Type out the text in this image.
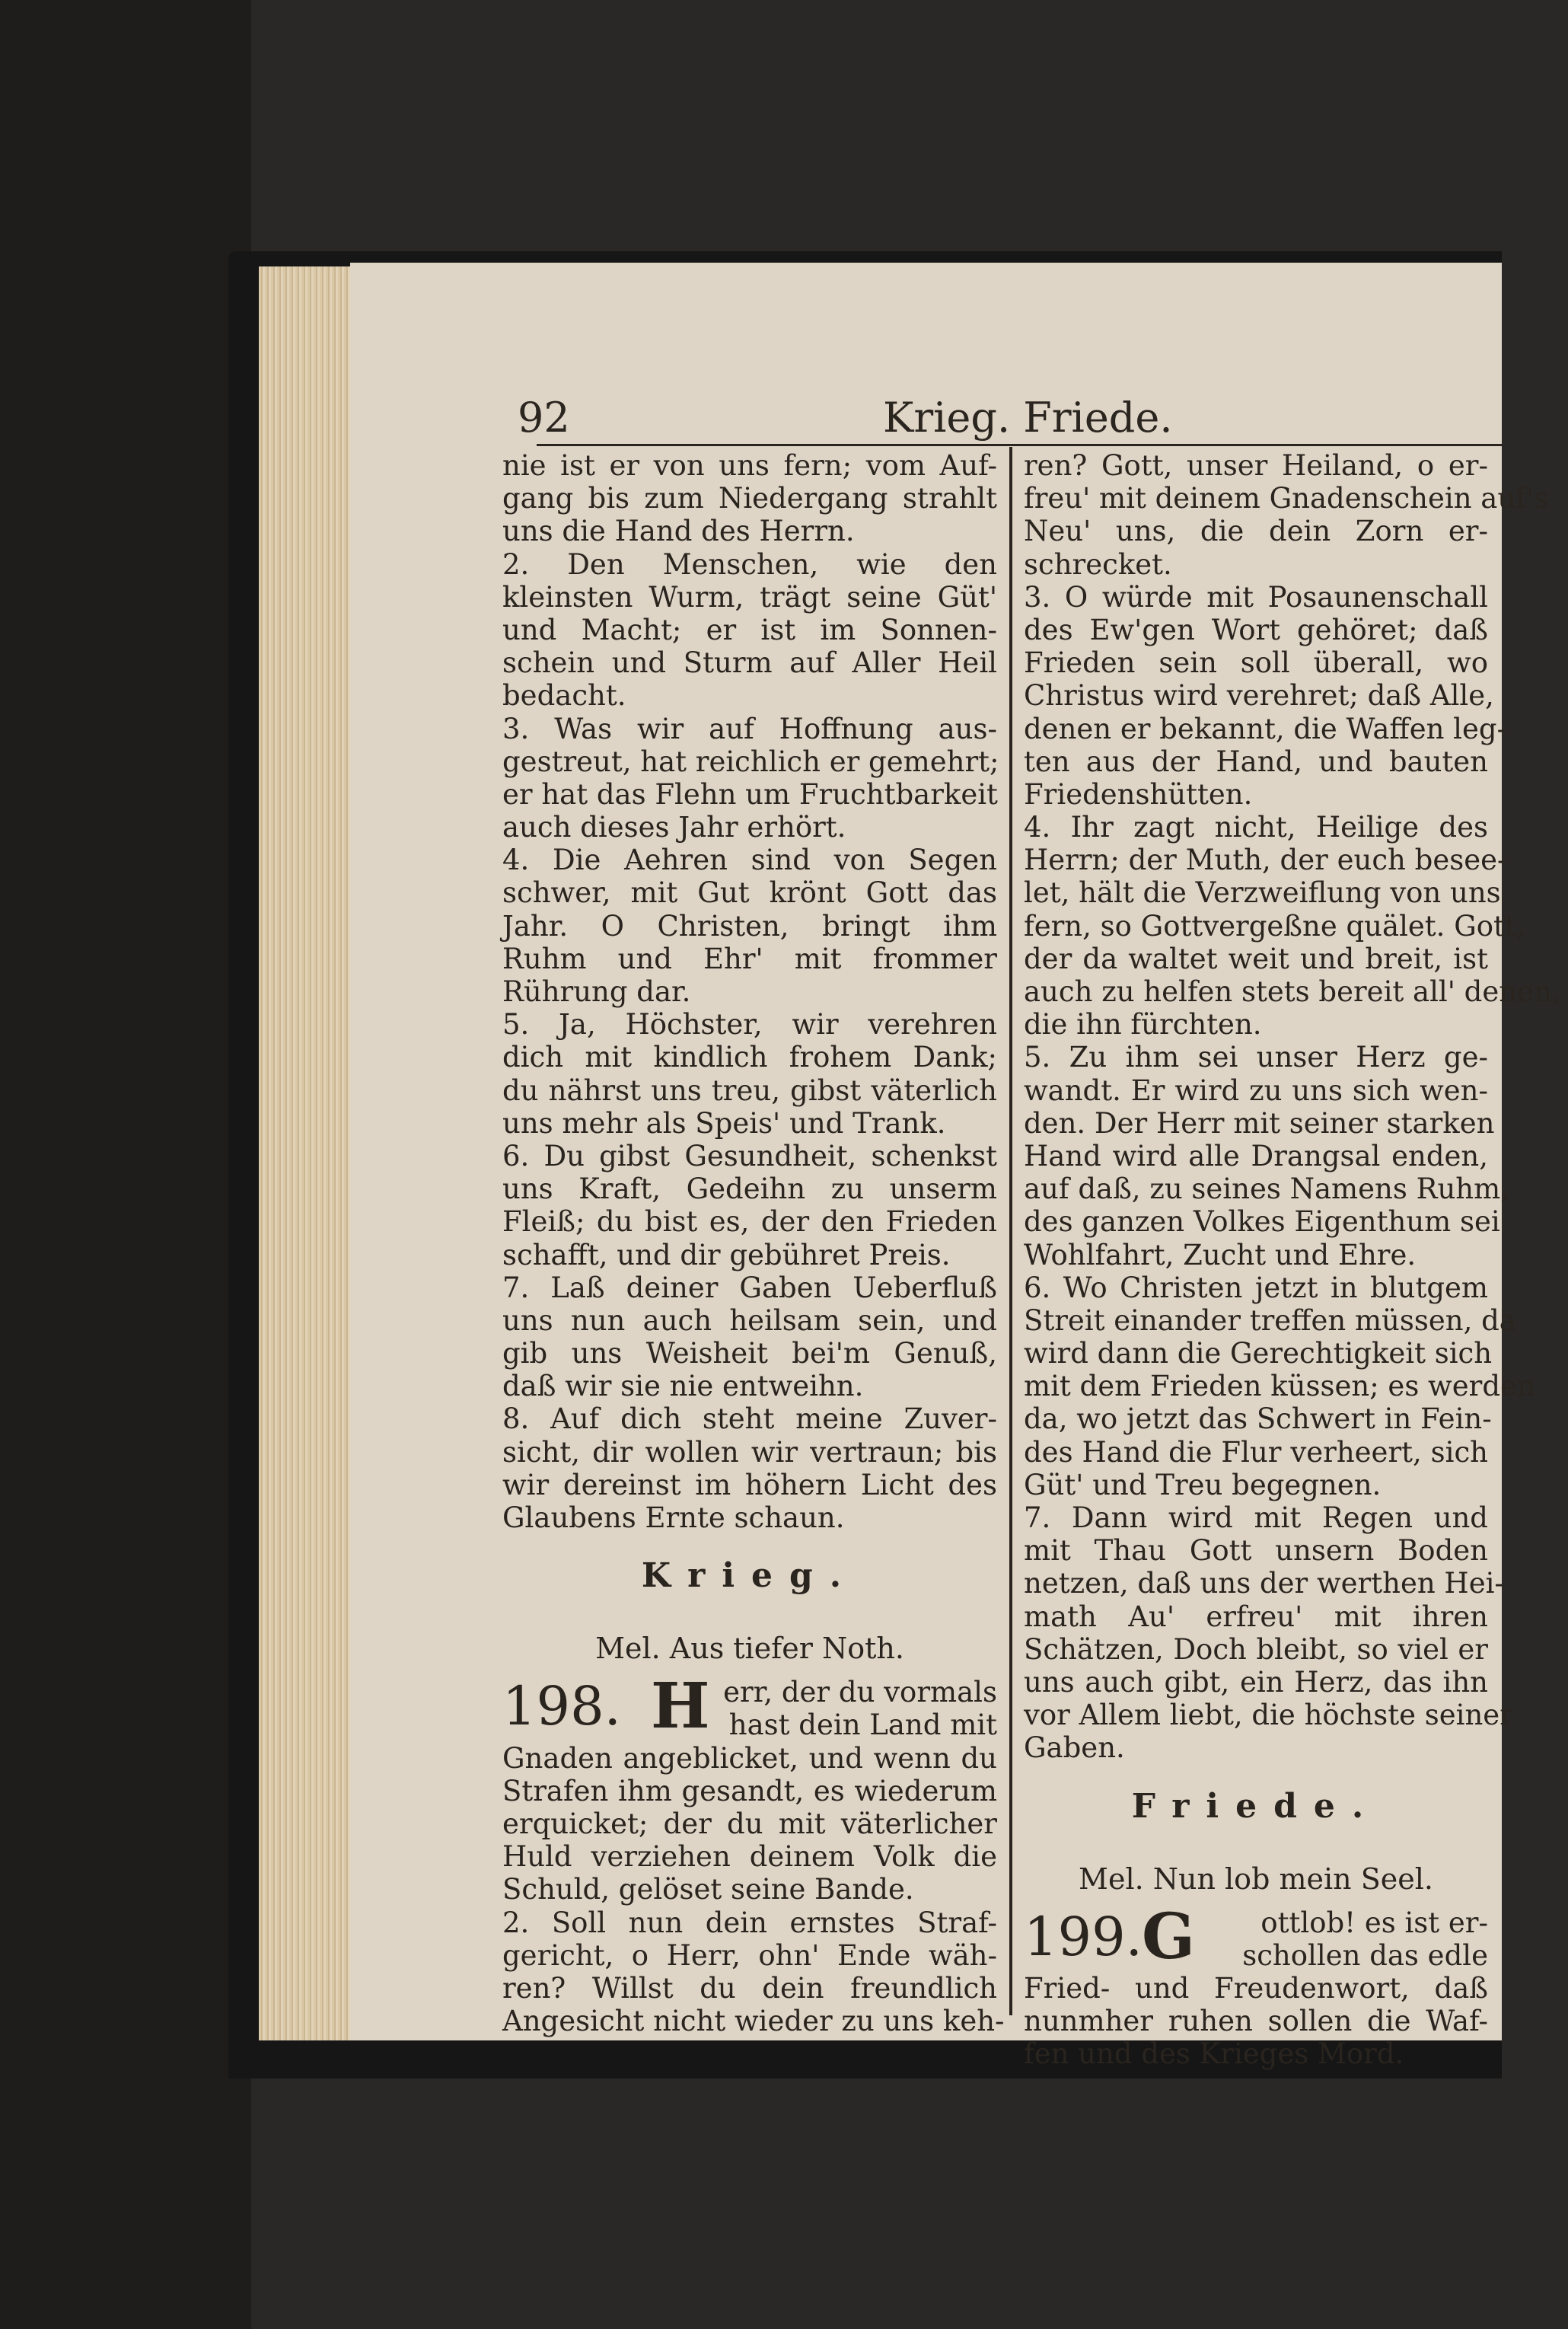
92	Krieg. Friede.
nie ist er von uns fern; vom Auf-
gang bis zum Niedergang strahlt
uns die Hand des Herrn.
2. Den Menschen, wie den
kleinsten Wurm, trägt seine Güt'
und Macht; er ist im Sonnen-
schein und Sturm auf Aller Heil
bedacht.
3. Was wir auf Hoffnung aus-
gestreut, hat reichlich er gemehrt;
er hat das Flehn um Fruchtbarkeit
auch dieses Jahr erhört.
4. Die Aehren sind von Segen
schwer, mit Gut krönt Gott das
Jahr. O Christen, bringt ihm
Ruhm und Ehr' mit frommer
Rührung dar.
5. Ja, Höchster, wir verehren
dich mit kindlich frohem Dank;
du nährst uns treu, gibst väterlich
uns mehr als Speis' und Trank.
6. Du gibst Gesundheit, schenkst
uns Kraft, Gedeihn zu unserm
Fleiß; du bist es, der den Frieden
schafft, und dir gebühret Preis.
7. Laß deiner Gaben Ueberfluß
uns nun auch heilsam sein, und
gib uns Weisheit bei'm Genuß,
daß wir sie nie entweihn.
8. Auf dich steht meine Zuver-
sicht, dir wollen wir vertraun; bis
wir dereinst im höhern Licht des
Glaubens Ernte schaun.
Krieg.
Mel. Aus tiefer Noth.
198. H err, der du vormals
hast dein Land mit
Gnaden angeblicket, und wenn du
Strafen ihm gesandt, es wiederum
erquicket; der du mit väterlicher
Huld verziehen deinem Volk die
Schuld, gelöset seine Bande.
2. Soll nun dein ernstes Straf-
gericht, o Herr, ohn' Ende wäh-
ren? Willst du dein freundlich
Angesicht nicht wieder zu uns keh-
ren? Gott, unser Heiland, o er-
freu' mit deinem Gnadenschein auf's
Neu' uns, die dein Zorn er-
schrecket.
3. O würde mit Posaunenschall
des Ew'gen Wort gehöret; daß
Frieden sein soll überall, wo
Christus wird verehret; daß Alle,
denen er bekannt, die Waffen leg-
ten aus der Hand, und bauten
Friedenshütten.
4. Ihr zagt nicht, Heilige des
Herrn; der Muth, der euch besee-
let, hält die Verzweiflung von uns
fern, so Gottvergeßne quälet. Gott,
der da waltet weit und breit, ist
auch zu helfen stets bereit all' denen,
die ihn fürchten.
5. Zu ihm sei unser Herz ge-
wandt. Er wird zu uns sich wen-
den. Der Herr mit seiner starken
Hand wird alle Drangsal enden,
auf daß, zu seines Namens Ruhm,
des ganzen Volkes Eigenthum sei
Wohlfahrt, Zucht und Ehre.
6. Wo Christen jetzt in blutgem
Streit einander treffen müssen, da
wird dann die Gerechtigkeit sich
mit dem Frieden küssen; es werden
da, wo jetzt das Schwert in Fein-
des Hand die Flur verheert, sich
Güt' und Treu begegnen.
7. Dann wird mit Regen und
mit Thau Gott unsern Boden
netzen, daß uns der werthen Hei-
math Au' erfreu' mit ihren
Schätzen, Doch bleibt, so viel er
uns auch gibt, ein Herz, das ihn
vor Allem liebt, die höchste seiner
Gaben.
Friede.
Mel. Nun lob mein Seel.
199. G ottlob! es ist er-
schollen das edle
Fried- und Freudenwort, daß
nunmher ruhen sollen die Waf-
fen und des Krieges Mord.
